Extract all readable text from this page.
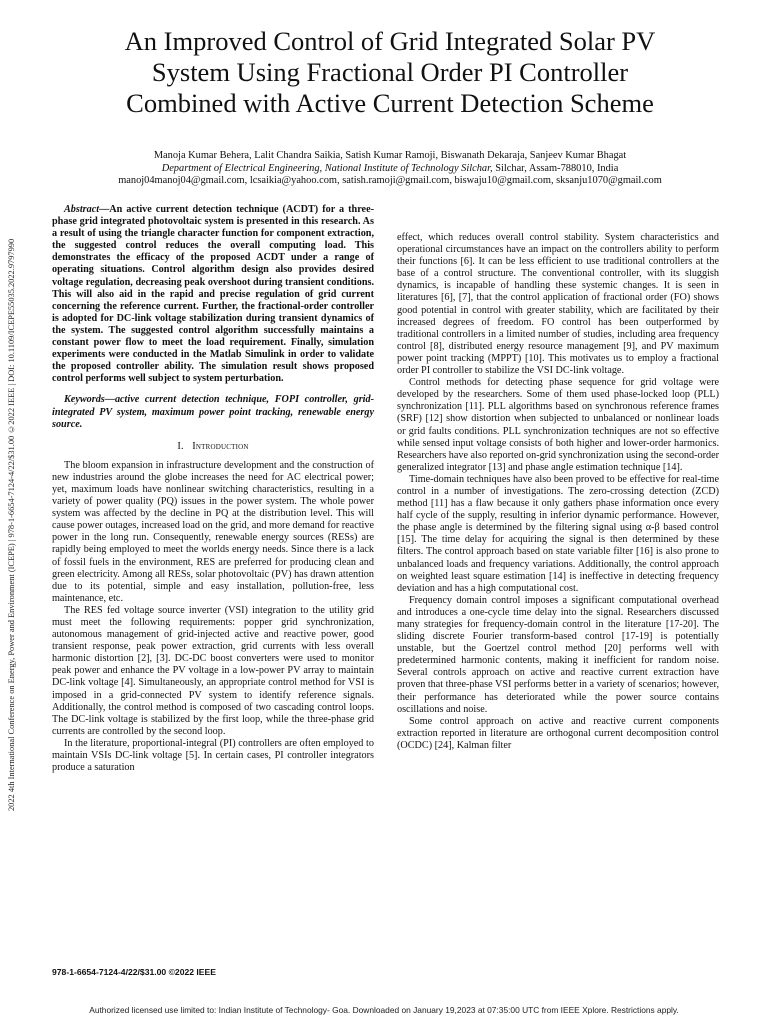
2022 4th International Conference on Energy, Power and Environment (ICEPE) | 978-1-6654-7124-4/22/$31.00 ©2022 IEEE | DOI: 10.1109/ICEPE55035.2022.9797990
An Improved Control of Grid Integrated Solar PV
System Using Fractional Order PI Controller
Combined with Active Current Detection Scheme
Manoja Kumar Behera, Lalit Chandra Saikia, Satish Kumar Ramoji, Biswanath Dekaraja, Sanjeev Kumar Bhagat
Department of Electrical Engineering, National Institute of Technology Silchar, Silchar, Assam-788010, India
manoj04manoj04@gmail.com, lcsaikia@yahoo.com, satish.ramoji@gmail.com, biswaju10@gmail.com, sksanju1070@gmail.com

Abstract—An active current detection technique (ACDT) for a three-phase grid integrated photovoltaic system is presented in this research. As a result of using the triangle character function for component extraction, the suggested control reduces the overall computing load. This demonstrates the efficacy of the proposed ACDT under a range of operating situations. Control algorithm design also provides desired voltage regulation, decreasing peak overshoot during transient conditions. This will also aid in the rapid and precise regulation of grid current concerning the reference current. Further, the fractional-order controller is adopted for DC-link voltage stabilization during transient dynamics of the system. The suggested control algorithm successfully maintains a constant power flow to meet the load requirement. Finally, simulation experiments were conducted in the Matlab Simulink in order to validate the proposed controller ability. The simulation result shows proposed control performs well subject to system perturbation.

Keywords—active current detection technique, FOPI controller, grid-integrated PV system, maximum power point tracking, renewable energy source.

I. Introduction

The bloom expansion in infrastructure development and the construction of new industries around the globe increases the need for AC electrical power; yet, maximum loads have nonlinear switching characteristics, resulting in a variety of power quality (PQ) issues in the power system. The whole power system was affected by the decline in PQ at the distribution level. This will cause power outages, increased load on the grid, and more demand for reactive power in the long run. Consequently, renewable energy sources (RESs) are rapidly being employed to meet the worlds energy needs. Since there is a lack of fossil fuels in the environment, RES are preferred for producing clean and green electricity. Among all RESs, solar photovoltaic (PV) has drawn attention due to its potential, simple and easy installation, pollution-free, less maintenance, etc.

The RES fed voltage source inverter (VSI) integration to the utility grid must meet the following requirements: popper grid synchronization, autonomous management of grid-injected active and reactive power, good transient response, peak power extraction, grid currents with less overall harmonic distortion [2], [3]. DC-DC boost converters were used to monitor peak power and enhance the PV voltage in a low-power PV array to maintain DC-link voltage [4]. Simultaneously, an appropriate control method for VSI is imposed in a grid-connected PV system to identify reference signals. Additionally, the control method is composed of two cascading control loops. The DC-link voltage is stabilized by the first loop, while the three-phase grid currents are controlled by the second loop.

In the literature, proportional-integral (PI) controllers are often employed to maintain VSIs DC-link voltage [5]. In certain cases, PI controller integrators produce a saturation

effect, which reduces overall control stability. System characteristics and operational circumstances have an impact on the controllers ability to perform their functions [6]. It can be less efficient to use traditional controllers at the base of a control structure. The conventional controller, with its sluggish dynamics, is incapable of handling these systemic changes. It is seen in literatures [6], [7], that the control application of fractional order (FO) shows good potential in control with greater stability, which are facilitated by their increased degrees of freedom. FO control has been outperformed by traditional controllers in a limited number of studies, including area frequency control [8], distributed energy resource management [9], and PV maximum power point tracking (MPPT) [10]. This motivates us to employ a fractional order PI controller to stabilize the VSI DC-link voltage.

Control methods for detecting phase sequence for grid voltage were developed by the researchers. Some of them used phase-locked loop (PLL) synchronization [11]. PLL algorithms based on synchronous reference frames (SRF) [12] show distortion when subjected to unbalanced or nonlinear loads or grid faults conditions. PLL synchronization techniques are not so effective while sensed input voltage consists of both higher and lower-order harmonics. Researchers have also reported on-grid synchronization using the second-order generalized integrator [13] and phase angle estimation technique [14].

Time-domain techniques have also been proved to be effective for real-time control in a number of investigations. The zero-crossing detection (ZCD) method [11] has a flaw because it only gathers phase information once every half cycle of the supply, resulting in inferior dynamic performance. However, the phase angle is determined by the filtering signal using α-β based control [15]. The time delay for acquiring the signal is then determined by these filters. The control approach based on state variable filter [16] is also prone to unbalanced loads and frequency variations. Additionally, the control approach on weighted least square estimation [14] is ineffective in detecting frequency deviation and has a high computational cost.

Frequency domain control imposes a significant computational overhead and introduces a one-cycle time delay into the signal. Researchers discussed many strategies for frequency-domain control in the literature [17-20]. The sliding discrete Fourier transform-based control [17-19] is potentially unstable, but the Goertzel control method [20] performs well with predetermined harmonic contents, making it inefficient for random noise. Several controls approach on active and reactive current extraction have proven that three-phase VSI performs better in a variety of scenarios; however, their performance has deteriorated while the power source contains oscillations and noise.

Some control approach on active and reactive current components extraction reported in literature are orthogonal current decomposition control (OCDC) [24], Kalman filter

978-1-6654-7124-4/22/$31.00 ©2022 IEEE
Authorized licensed use limited to: Indian Institute of Technology- Goa. Downloaded on January 19,2023 at 07:35:00 UTC from IEEE Xplore. Restrictions apply.
